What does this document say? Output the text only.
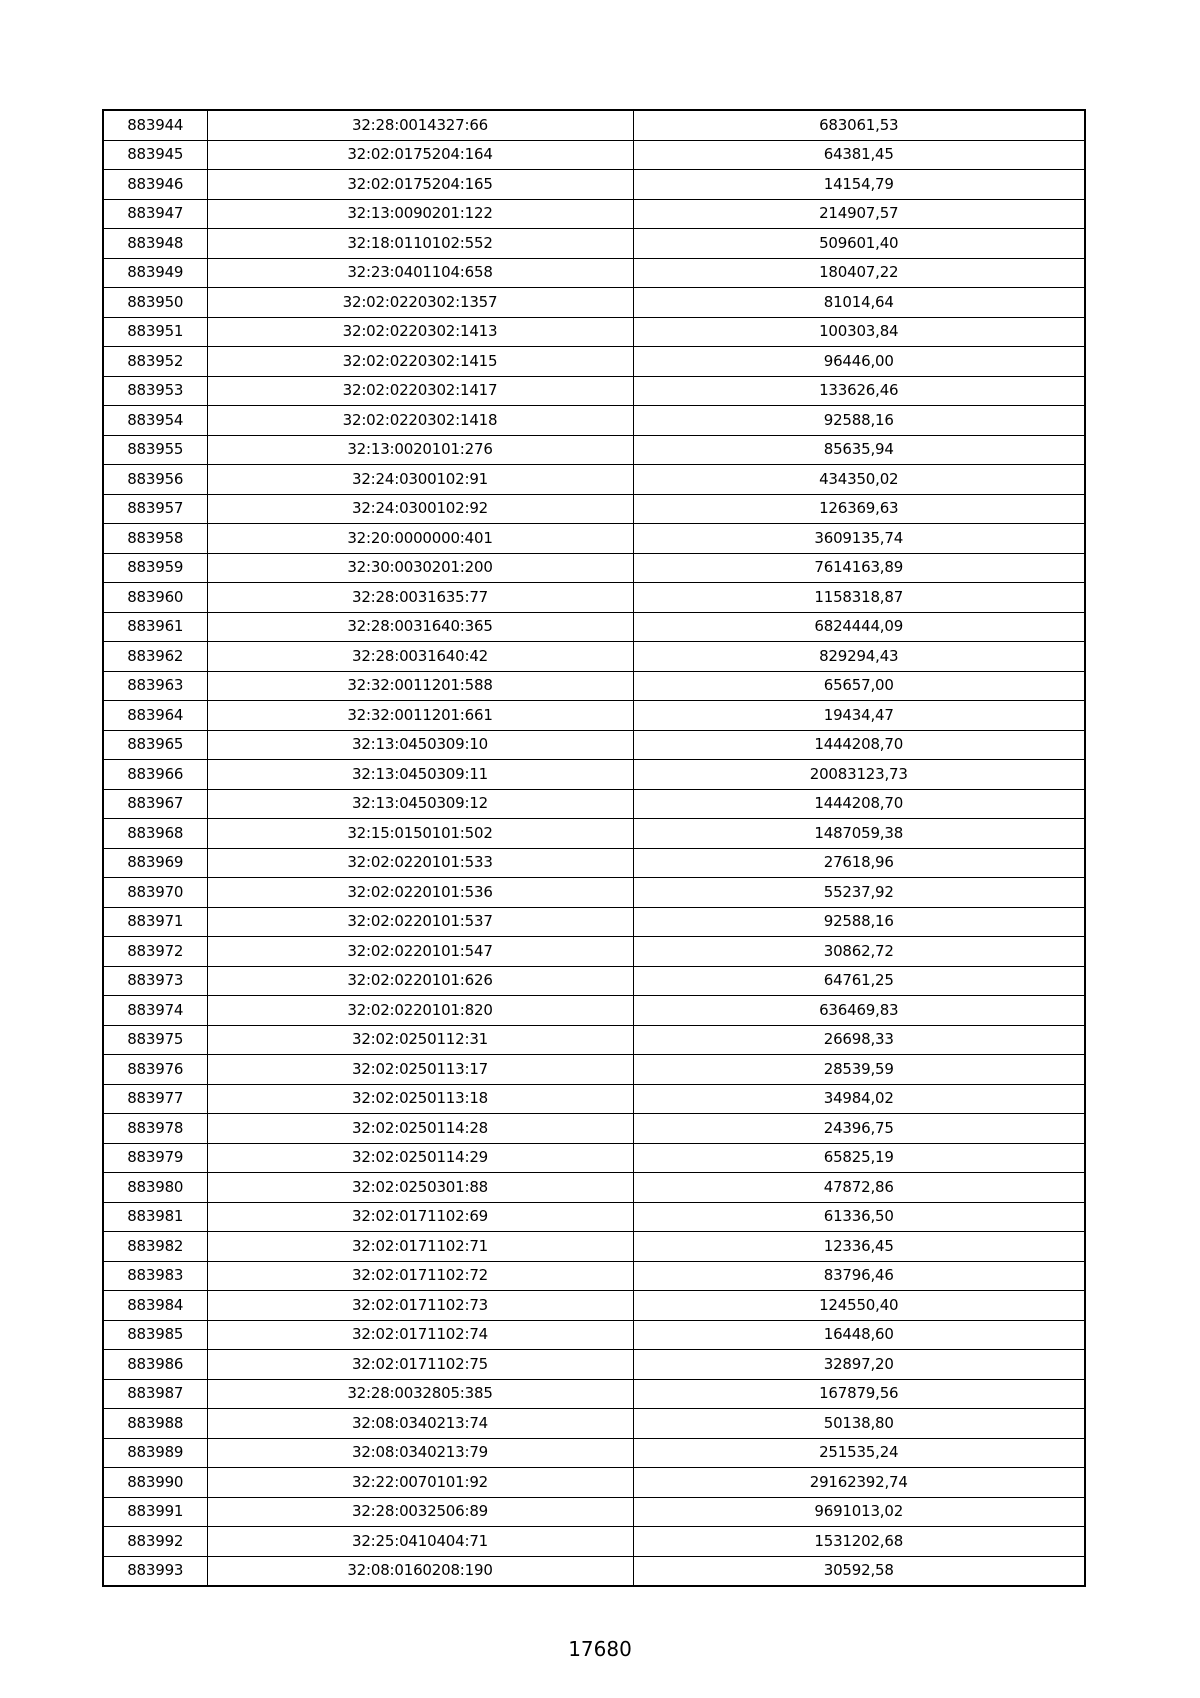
883944	32:28:0014327:66	683061,53
883945	32:02:0175204:164	64381,45
883946	32:02:0175204:165	14154,79
883947	32:13:0090201:122	214907,57
883948	32:18:0110102:552	509601,40
883949	32:23:0401104:658	180407,22
883950	32:02:0220302:1357	81014,64
883951	32:02:0220302:1413	100303,84
883952	32:02:0220302:1415	96446,00
883953	32:02:0220302:1417	133626,46
883954	32:02:0220302:1418	92588,16
883955	32:13:0020101:276	85635,94
883956	32:24:0300102:91	434350,02
883957	32:24:0300102:92	126369,63
883958	32:20:0000000:401	3609135,74
883959	32:30:0030201:200	7614163,89
883960	32:28:0031635:77	1158318,87
883961	32:28:0031640:365	6824444,09
883962	32:28:0031640:42	829294,43
883963	32:32:0011201:588	65657,00
883964	32:32:0011201:661	19434,47
883965	32:13:0450309:10	1444208,70
883966	32:13:0450309:11	20083123,73
883967	32:13:0450309:12	1444208,70
883968	32:15:0150101:502	1487059,38
883969	32:02:0220101:533	27618,96
883970	32:02:0220101:536	55237,92
883971	32:02:0220101:537	92588,16
883972	32:02:0220101:547	30862,72
883973	32:02:0220101:626	64761,25
883974	32:02:0220101:820	636469,83
883975	32:02:0250112:31	26698,33
883976	32:02:0250113:17	28539,59
883977	32:02:0250113:18	34984,02
883978	32:02:0250114:28	24396,75
883979	32:02:0250114:29	65825,19
883980	32:02:0250301:88	47872,86
883981	32:02:0171102:69	61336,50
883982	32:02:0171102:71	12336,45
883983	32:02:0171102:72	83796,46
883984	32:02:0171102:73	124550,40
883985	32:02:0171102:74	16448,60
883986	32:02:0171102:75	32897,20
883987	32:28:0032805:385	167879,56
883988	32:08:0340213:74	50138,80
883989	32:08:0340213:79	251535,24
883990	32:22:0070101:92	29162392,74
883991	32:28:0032506:89	9691013,02
883992	32:25:0410404:71	1531202,68
883993	32:08:0160208:190	30592,58
17680
